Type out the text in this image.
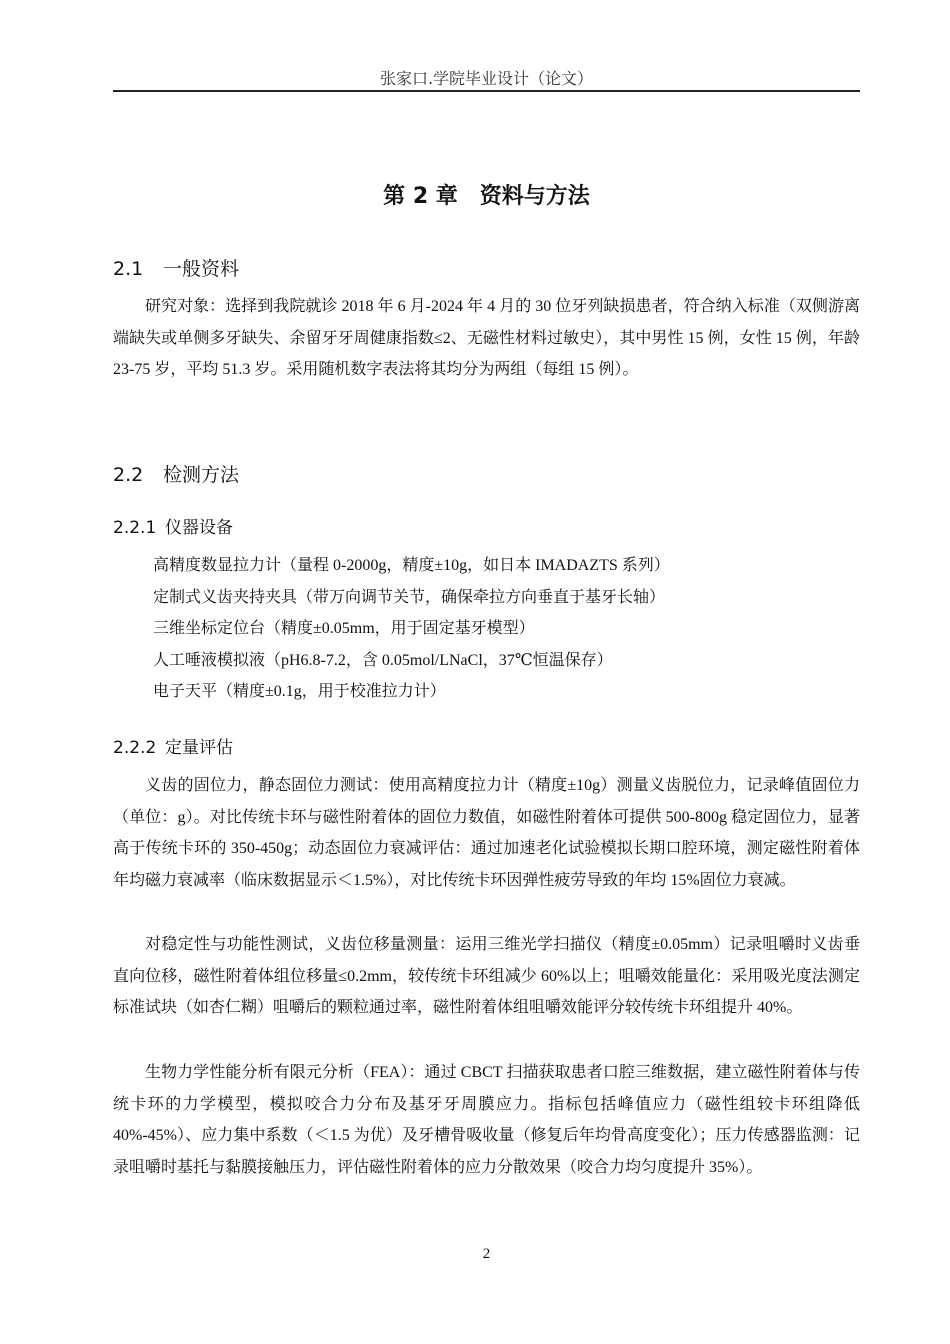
张家口.学院毕业设计（论文）
第 2 章　资料与方法
2.1 一般资料

研究对象：选择到我院就诊 2018 年 6 月-2024 年 4 月的 30 位牙列缺损患者，符合纳入标准（双侧游离端缺失或单侧多牙缺失、余留牙牙周健康指数≤2、无磁性材料过敏史），其中男性 15 例，女性 15 例，年龄 23-75 岁，平均 51.3 岁。采用随机数字表法将其均分为两组（每组 15 例）。

2.2 检测方法
2.2.1 仪器设备
高精度数显拉力计（量程 0-2000g，精度±10g，如日本 IMADAZTS 系列）
定制式义齿夹持夹具（带万向调节关节，确保牵拉方向垂直于基牙长轴）
三维坐标定位台（精度±0.05mm，用于固定基牙模型）
人工唾液模拟液（pH6.8-7.2，含 0.05mol/LNaCl，37℃恒温保存）
电子天平（精度±0.1g，用于校准拉力计）
2.2.2 定量评估

义齿的固位力，静态固位力测试：使用高精度拉力计（精度±10g）测量义齿脱位力，记录峰值固位力（单位：g）。对比传统卡环与磁性附着体的固位力数值，如磁性附着体可提供 500-800g 稳定固位力，显著高于传统卡环的 350-450g；动态固位力衰减评估：通过加速老化试验模拟长期口腔环境，测定磁性附着体年均磁力衰减率（临床数据显示＜1.5%），对比传统卡环因弹性疲劳导致的年均 15%固位力衰减。

对稳定性与功能性测试，义齿位移量测量：运用三维光学扫描仪（精度±0.05mm）记录咀嚼时义齿垂直向位移，磁性附着体组位移量≤0.2mm，较传统卡环组减少 60%以上；咀嚼效能量化：采用吸光度法测定标准试块（如杏仁糊）咀嚼后的颗粒通过率，磁性附着体组咀嚼效能评分较传统卡环组提升 40%。

生物力学性能分析有限元分析（FEA）：通过 CBCT 扫描获取患者口腔三维数据，建立磁性附着体与传统卡环的力学模型，模拟咬合力分布及基牙牙周膜应力。指标包括峰值应力（磁性组较卡环组降低 40%-45%）、应力集中系数（＜1.5 为优）及牙槽骨吸收量（修复后年均骨高度变化）；压力传感器监测：记录咀嚼时基托与黏膜接触压力，评估磁性附着体的应力分散效果（咬合力均匀度提升 35%）。

2
